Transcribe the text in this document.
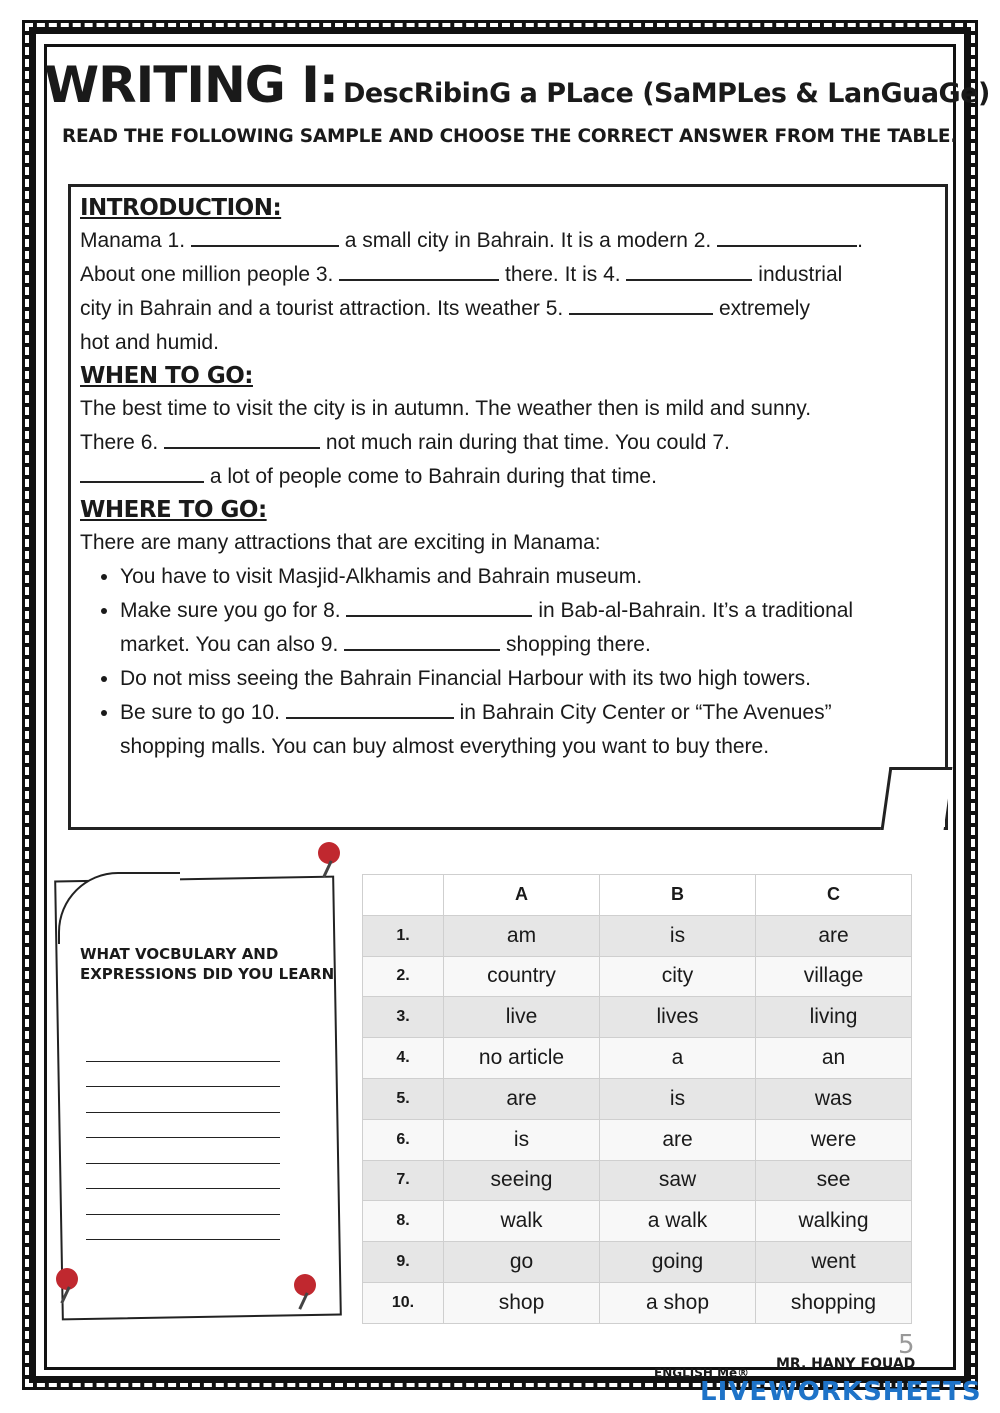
WRITING I: DescRibinG a PLace (SaMPLes & LanGuaGe)
READ THE FOLLOWING SAMPLE AND CHOOSE THE CORRECT ANSWER FROM THE TABLE.
INTRODUCTION:

Manama 1.	a small city in Bahrain. It is a modern 2.	.

About one million people 3.	there. It is 4.	industrial

city in Bahrain and a tourist attraction. Its weather 5.	extremely

hot and humid.

WHEN TO GO:

The best time to visit the city is in autumn. The weather then is mild and sunny.

There 6.	not much rain during that time. You could 7.

a lot of people come to Bahrain during that time.

WHERE TO GO:

There are many attractions that are exciting in Manama:

• You have to visit Masjid-Alkhamis and Bahrain museum.
• Make sure you go for 8.	in Bab-al-Bahrain. It’s a traditional
market. You can also 9.	shopping there.
• Do not miss seeing the Bahrain Financial Harbour with its two high towers.
• Be sure to go 10.	in Bahrain City Center or “The Avenues”
shopping malls. You can buy almost everything you want to buy there.
WHAT VOCBULARY AND EXPRESSIONS DID YOU LEARN
	A	B	C
1.	am	is	are
2.	country	city	village
3.	live	lives	living
4.	no article	a	an
5.	are	is	was
6.	is	are	were
7.	seeing	saw	see
8.	walk	a walk	walking
9.	go	going	went
10.	shop	a shop	shopping
5
ENGLISH Me®
MR. HANY FOUAD
LIVEWORKSHEETS
